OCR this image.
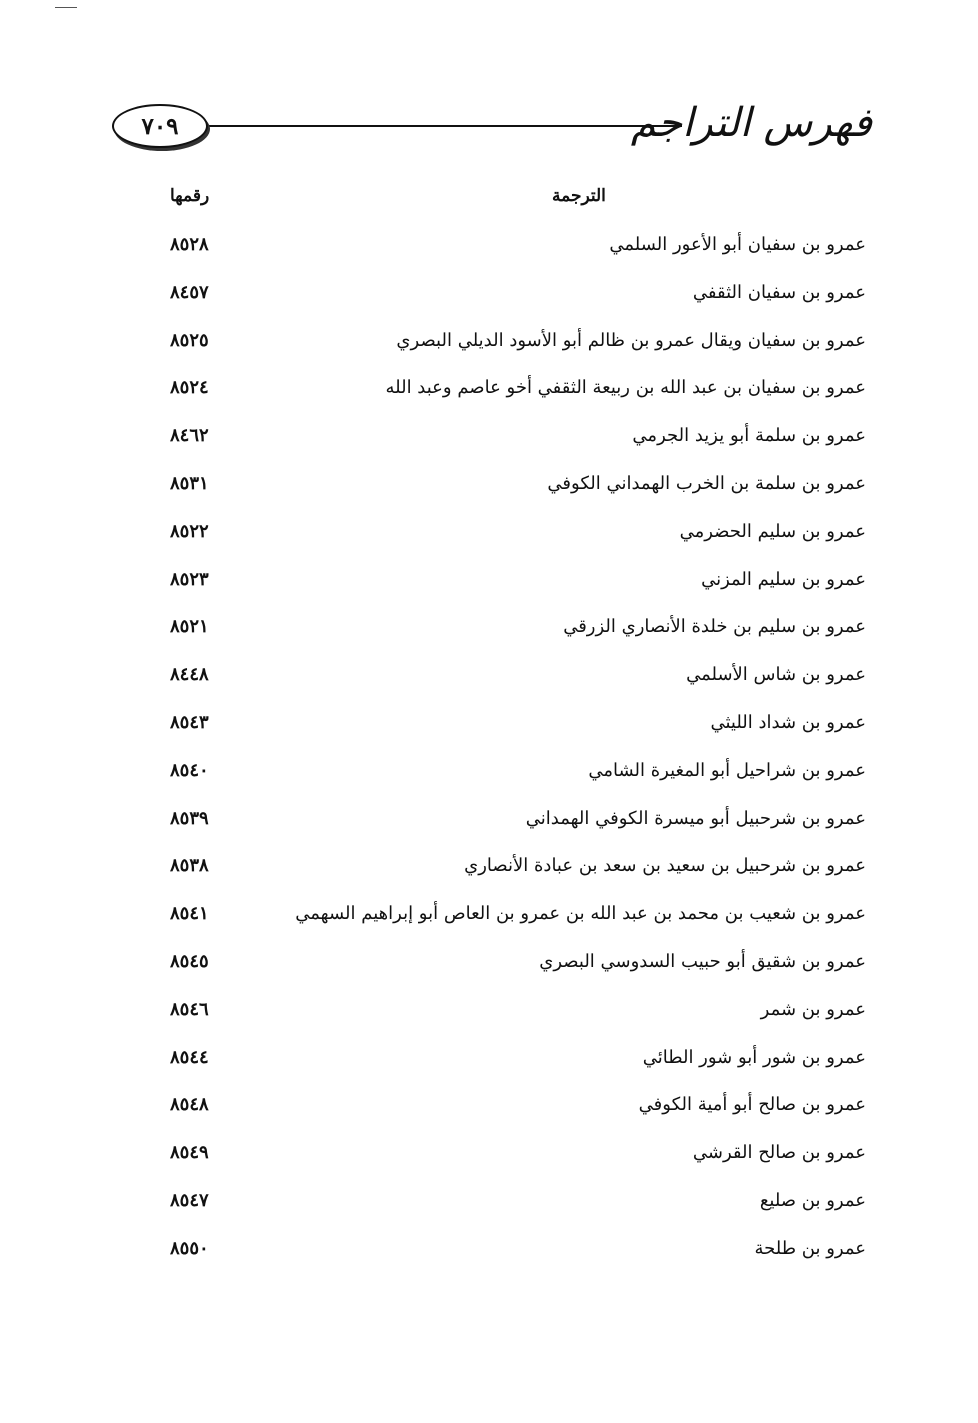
فهرس التراجم
٧٠٩
الترجمة
رقمها
عمرو بن سفيان أبو الأعور السلمي
٨٥٢٨
عمرو بن سفيان الثقفي
٨٤٥٧
عمرو بن سفيان ويقال عمرو بن ظالم أبو الأسود الديلي البصري
٨٥٢٥
عمرو بن سفيان بن عبد الله بن ربيعة الثقفي أخو عاصم وعبد الله
٨٥٢٤
عمرو بن سلمة أبو يزيد الجرمي
٨٤٦٢
عمرو بن سلمة بن الخرب الهمداني الكوفي
٨٥٣١
عمرو بن سليم الحضرمي
٨٥٢٢
عمرو بن سليم المزني
٨٥٢٣
عمرو بن سليم بن خلدة الأنصاري الزرقي
٨٥٢١
عمرو بن شاس الأسلمي
٨٤٤٨
عمرو بن شداد الليثي
٨٥٤٣
عمرو بن شراحيل أبو المغيرة الشامي
٨٥٤٠
عمرو بن شرحبيل أبو ميسرة الكوفي الهمداني
٨٥٣٩
عمرو بن شرحبيل بن سعيد بن سعد بن عبادة الأنصاري
٨٥٣٨
عمرو بن شعيب بن محمد بن عبد الله بن عمرو بن العاص أبو إبراهيم السهمي
٨٥٤١
عمرو بن شقيق أبو حبيب السدوسي البصري
٨٥٤٥
عمرو بن شمر
٨٥٤٦
عمرو بن شور أبو شور الطائي
٨٥٤٤
عمرو بن صالح أبو أمية الكوفي
٨٥٤٨
عمرو بن صالح القرشي
٨٥٤٩
عمرو بن صليع
٨٥٤٧
عمرو بن طلحة
٨٥٥٠
